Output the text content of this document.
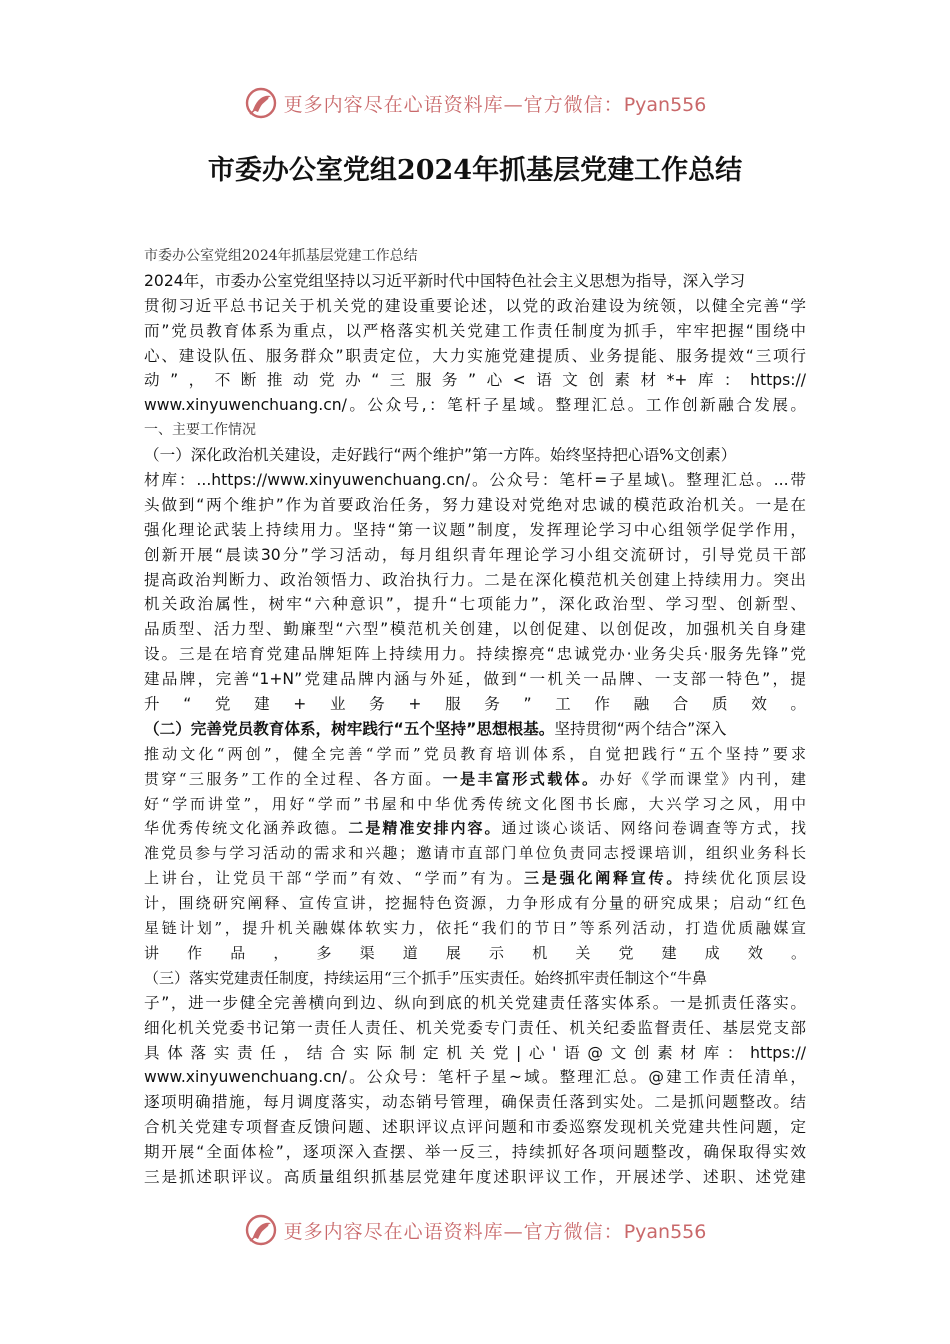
更多内容尽在心语资料库—官方微信：Pyan556
市委办公室党组2024年抓基层党建工作总结
市委办公室党组2024年抓基层党建工作总结
2024年，市委办公室党组坚持以习近平新时代中国特色社会主义思想为指导，深入学习
贯彻习近平总书记关于机关党的建设重要论述，以党的政治建设为统领，以健全完善“学
而”党员教育体系为重点，以严格落实机关党建工作责任制度为抓手，牢牢把握“围绕中
心、建设队伍、服务群众”职责定位，大力实施党建提质、业务提能、服务提效“三项行
动”，不断推动党办“三服务”心<语文创素材*+库：https://
www.xinyuwenchuang.cn/。公众号,：笔杆子星域。整理汇总。工作创新融合发展。
一、主要工作情况
（一）深化政治机关建设，走好践行“两个维护”第一方阵。始终坚持把心语%文创素）
材库：...https://www.xinyuwenchuang.cn/。公众号：笔杆=子星域\。整理汇总。...带
头做到“两个维护”作为首要政治任务，努力建设对党绝对忠诚的模范政治机关。一是在
强化理论武装上持续用力。坚持“第一议题”制度，发挥理论学习中心组领学促学作用，
创新开展“晨读30分”学习活动，每月组织青年理论学习小组交流研讨，引导党员干部
提高政治判断力、政治领悟力、政治执行力。二是在深化模范机关创建上持续用力。突出
机关政治属性，树牢“六种意识”，提升“七项能力”，深化政治型、学习型、创新型、
品质型、活力型、勤廉型“六型”模范机关创建，以创促建、以创促改，加强机关自身建
设。三是在培育党建品牌矩阵上持续用力。持续擦亮“忠诚党办·业务尖兵·服务先锋”党
建品牌，完善“1+N”党建品牌内涵与外延，做到“一机关一品牌、一支部一特色”，提
升“党建+业务+服务”工作融合质效。
（二）完善党员教育体系，树牢践行“五个坚持”思想根基。坚持贯彻“两个结合”深入
推动文化“两创”，健全完善“学而”党员教育培训体系，自觉把践行“五个坚持”要求
贯穿“三服务”工作的全过程、各方面。一是丰富形式载体。办好《学而课堂》内刊，建
好“学而讲堂”，用好“学而”书屋和中华优秀传统文化图书长廊，大兴学习之风，用中
华优秀传统文化涵养政德。二是精准安排内容。通过谈心谈话、网络问卷调查等方式，找
准党员参与学习活动的需求和兴趣；邀请市直部门单位负责同志授课培训，组织业务科长
上讲台，让党员干部“学而”有效、“学而”有为。三是强化阐释宣传。持续优化顶层设
计，围绕研究阐释、宣传宣讲，挖掘特色资源，力争形成有分量的研究成果；启动“红色
星链计划”，提升机关融媒体软实力，依托“我们的节日”等系列活动，打造优质融媒宣
讲作品，多渠道展示机关党建成效。
（三）落实党建责任制度，持续运用“三个抓手”压实责任。始终抓牢责任制这个“牛鼻
子”，进一步健全完善横向到边、纵向到底的机关党建责任落实体系。一是抓责任落实。
细化机关党委书记第一责任人责任、机关党委专门责任、机关纪委监督责任、基层党支部
具体落实责任，结合实际制定机关党|心'语@文创素材库：https://
www.xinyuwenchuang.cn/。公众号：笔杆子星~域。整理汇总。@建工作责任清单，
逐项明确措施，每月调度落实，动态销号管理，确保责任落到实处。二是抓问题整改。结
合机关党建专项督查反馈问题、述职评议点评问题和市委巡察发现机关党建共性问题，定
期开展“全面体检”，逐项深入查摆、举一反三，持续抓好各项问题整改，确保取得实效
三是抓述职评议。高质量组织抓基层党建年度述职评议工作，开展述学、述职、述党建
更多内容尽在心语资料库—官方微信：Pyan556
